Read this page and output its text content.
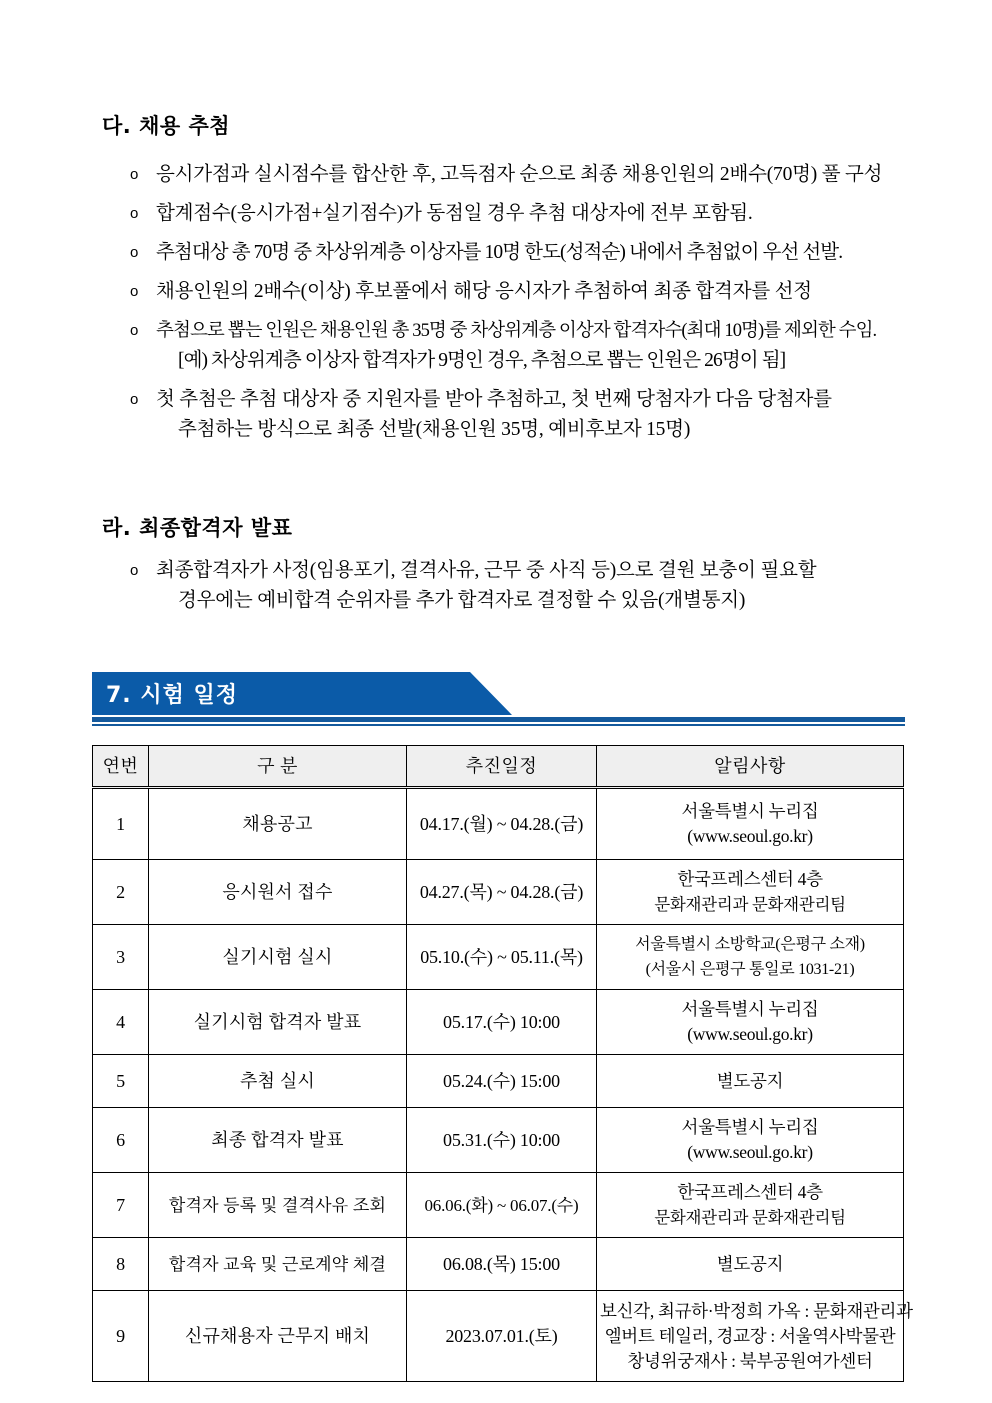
다. 채용 추첨
o 응시가점과 실시점수를 합산한 후, 고득점자 순으로 최종 채용인원의 2배수(70명) 풀 구성
o 합계점수(응시가점+실기점수)가 동점일 경우 추첨 대상자에 전부 포함됨.
o 추첨대상 총 70명 중 차상위계층 이상자를 10명 한도(성적순) 내에서 추첨없이 우선 선발.
o 채용인원의 2배수(이상) 후보풀에서 해당 응시자가 추첨하여 최종 합격자를 선정
o 추첨으로 뽑는 인원은 채용인원 총 35명 중 차상위계층 이상자 합격자수(최대 10명)를 제외한 수임.
[예) 차상위계층 이상자 합격자가 9명인 경우, 추첨으로 뽑는 인원은 26명이 됨]
o 첫 추첨은 추첨 대상자 중 지원자를 받아 추첨하고, 첫 번째 당첨자가 다음 당첨자를
추첨하는 방식으로 최종 선발(채용인원 35명, 예비후보자 15명)
라. 최종합격자 발표
o 최종합격자가 사정(임용포기, 결격사유, 근무 중 사직 등)으로 결원 보충이 필요할
경우에는 예비합격 순위자를 추가 합격자로 결정할 수 있음(개별통지)
7. 시험 일정
연번	구 분	추진일정	알림사항
1	채용공고	04.17.(월) ~ 04.28.(금)	서울특별시 누리집
(www.seoul.go.kr)

2	응시원서 접수	04.27.(목) ~ 04.28.(금)	한국프레스센터 4층
문화재관리과 문화재관리팀

3	실기시험 실시	05.10.(수) ~ 05.11.(목)	서울특별시 소방학교(은평구 소재)
(서울시 은평구 통일로 1031-21)

4	실기시험 합격자 발표	05.17.(수) 10:00	서울특별시 누리집
(www.seoul.go.kr)

5	추첨 실시	05.24.(수) 15:00	별도공지

6	최종 합격자 발표	05.31.(수) 10:00	서울특별시 누리집
(www.seoul.go.kr)

7	합격자 등록 및 결격사유 조회	06.06.(화) ~ 06.07.(수)	한국프레스센터 4층
문화재관리과 문화재관리팀

8	합격자 교육 및 근로계약 체결	06.08.(목) 15:00	별도공지

9	신규채용자 근무지 배치	2023.07.01.(토)	보신각, 최규하·박정희 가옥 : 문화재관리과
엘버트 테일러, 경교장 : 서울역사박물관
창녕위궁재사 : 북부공원여가센터
